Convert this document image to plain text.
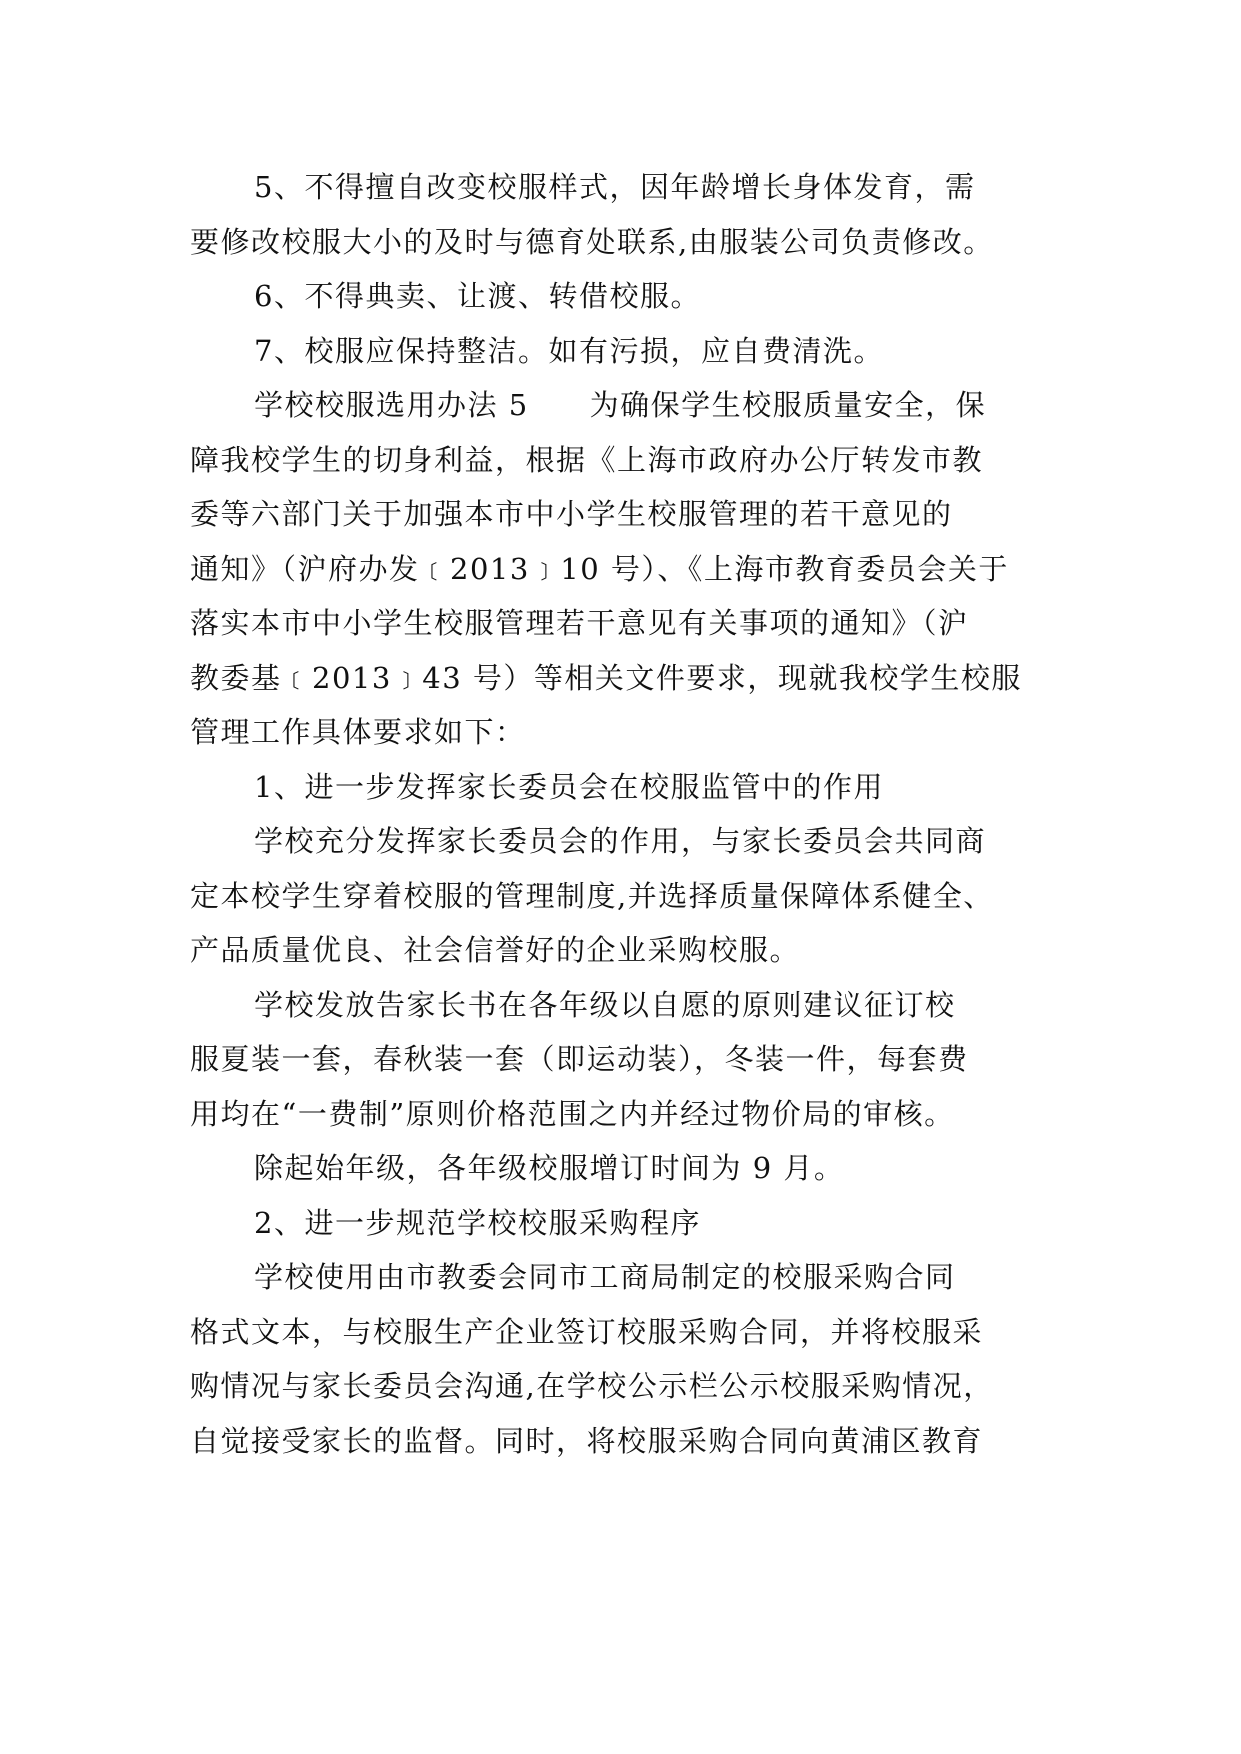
5、不得擅自改变校服样式，因年龄增长身体发育，需
要修改校服大小的及时与德育处联系,由服装公司负责修改。
6、不得典卖、让渡、转借校服。
7、校服应保持整洁。如有污损，应自费清洗。
学校校服选用办法 5　　为确保学生校服质量安全，保
障我校学生的切身利益，根据《上海市政府办公厅转发市教
委等六部门关于加强本市中小学生校服管理的若干意见的
通知》（沪府办发﹝2013﹞10 号）、《上海市教育委员会关于
落实本市中小学生校服管理若干意见有关事项的通知》（沪
教委基﹝2013﹞43 号）等相关文件要求，现就我校学生校服
管理工作具体要求如下：
1、进一步发挥家长委员会在校服监管中的作用
学校充分发挥家长委员会的作用，与家长委员会共同商
定本校学生穿着校服的管理制度,并选择质量保障体系健全、
产品质量优良、社会信誉好的企业采购校服。
学校发放告家长书在各年级以自愿的原则建议征订校
服夏装一套，春秋装一套（即运动装），冬装一件，每套费
用均在“一费制”原则价格范围之内并经过物价局的审核。
除起始年级，各年级校服增订时间为 9 月。
2、进一步规范学校校服采购程序
学校使用由市教委会同市工商局制定的校服采购合同
格式文本，与校服生产企业签订校服采购合同，并将校服采
购情况与家长委员会沟通,在学校公示栏公示校服采购情况，
自觉接受家长的监督。同时，将校服采购合同向黄浦区教育
